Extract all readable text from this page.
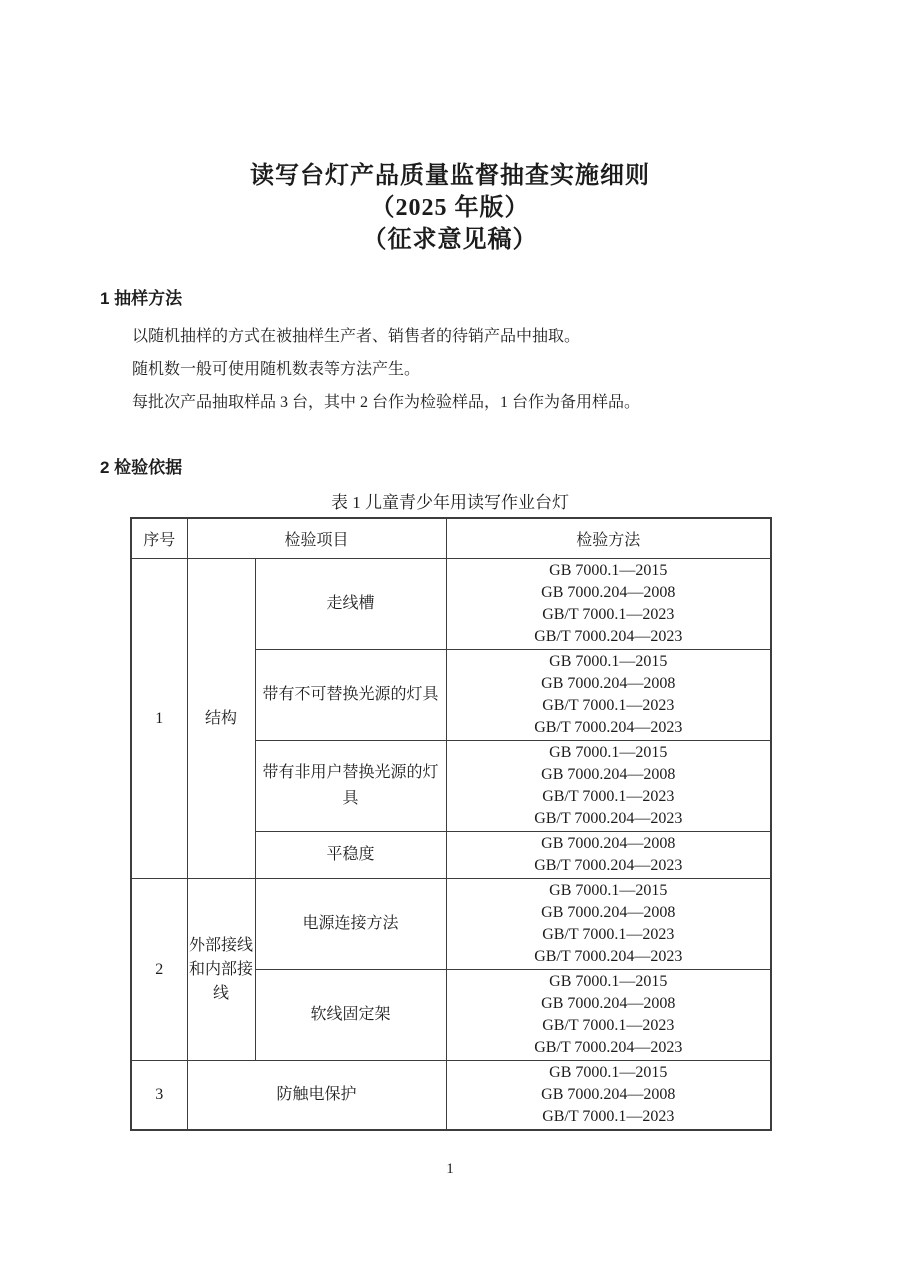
读写台灯产品质量监督抽查实施细则
（2025 年版）
（征求意见稿）
1 抽样方法

以随机抽样的方式在被抽样生产者、销售者的待销产品中抽取。

随机数一般可使用随机数表等方法产生。

每批次产品抽取样品 3 台，其中 2 台作为检验样品，1 台作为备用样品。

2 检验依据
表 1 儿童青少年用读写作业台灯
序号	检验项目		检验方法
1	结构	走线槽	GB 7000.1—2015
GB 7000.204—2008
GB/T 7000.1—2023
GB/T 7000.204—2023

		带有不可替换光源的灯具	GB 7000.1—2015
GB 7000.204—2008
GB/T 7000.1—2023
GB/T 7000.204—2023

		带有非用户替换光源的灯具	GB 7000.1—2015
GB 7000.204—2008
GB/T 7000.1—2023
GB/T 7000.204—2023

		平稳度	GB 7000.204—2008
GB/T 7000.204—2023

2	外部接线和内部接线	电源连接方法	GB 7000.1—2015
GB 7000.204—2008
GB/T 7000.1—2023
GB/T 7000.204—2023

		软线固定架	GB 7000.1—2015
GB 7000.204—2008
GB/T 7000.1—2023
GB/T 7000.204—2023

3	防触电保护		GB 7000.1—2015
GB 7000.204—2008
GB/T 7000.1—2023
1
